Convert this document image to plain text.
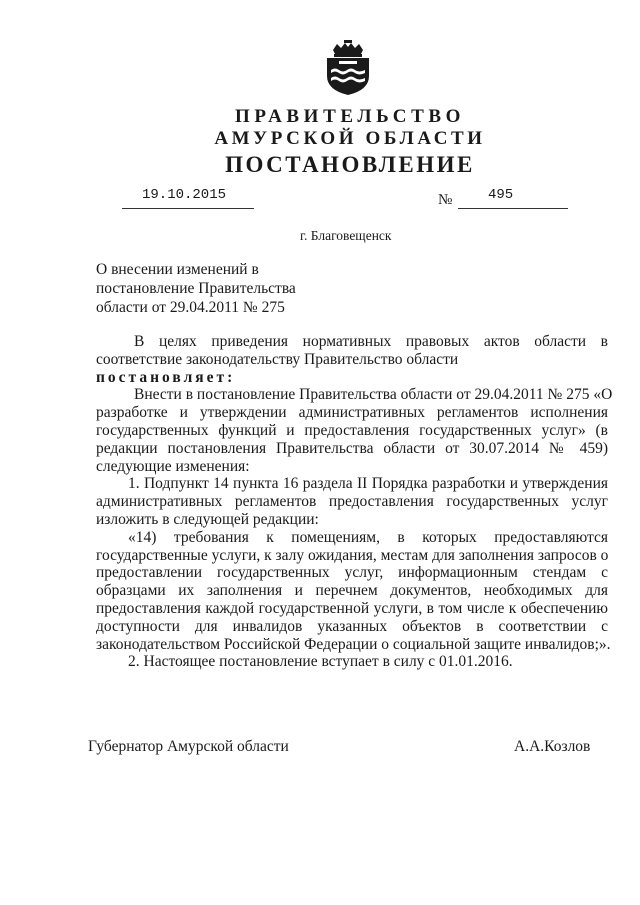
ПРАВИТЕЛЬСТВО
АМУРСКОЙ ОБЛАСТИ
ПОСТАНОВЛЕНИЕ
19.10.2015	№	495
г. Благовещенск
О внесении изменений в
постановление Правительства
области от 29.04.2011 № 275
В целях приведения нормативных правовых актов области в
соответствие законодательству Правительство области
постановляет:
Внести в постановление Правительства области от 29.04.2011 № 275 «О
разработке и утверждении административных регламентов исполнения
государственных функций и предоставления государственных услуг» (в
редакции постановления Правительства области от 30.07.2014 № 459)
следующие изменения:
1. Подпункт 14 пункта 16 раздела II Порядка разработки и утверждения
административных регламентов предоставления государственных услуг
изложить в следующей редакции:
«14) требования к помещениям, в которых предоставляются
государственные услуги, к залу ожидания, местам для заполнения запросов о
предоставлении государственных услуг, информационным стендам с
образцами их заполнения и перечнем документов, необходимых для
предоставления каждой государственной услуги, в том числе к обеспечению
доступности для инвалидов указанных объектов в соответствии с
законодательством Российской Федерации о социальной защите инвалидов;».
2. Настоящее постановление вступает в силу с 01.01.2016.
Губернатор Амурской области	А.А.Козлов
